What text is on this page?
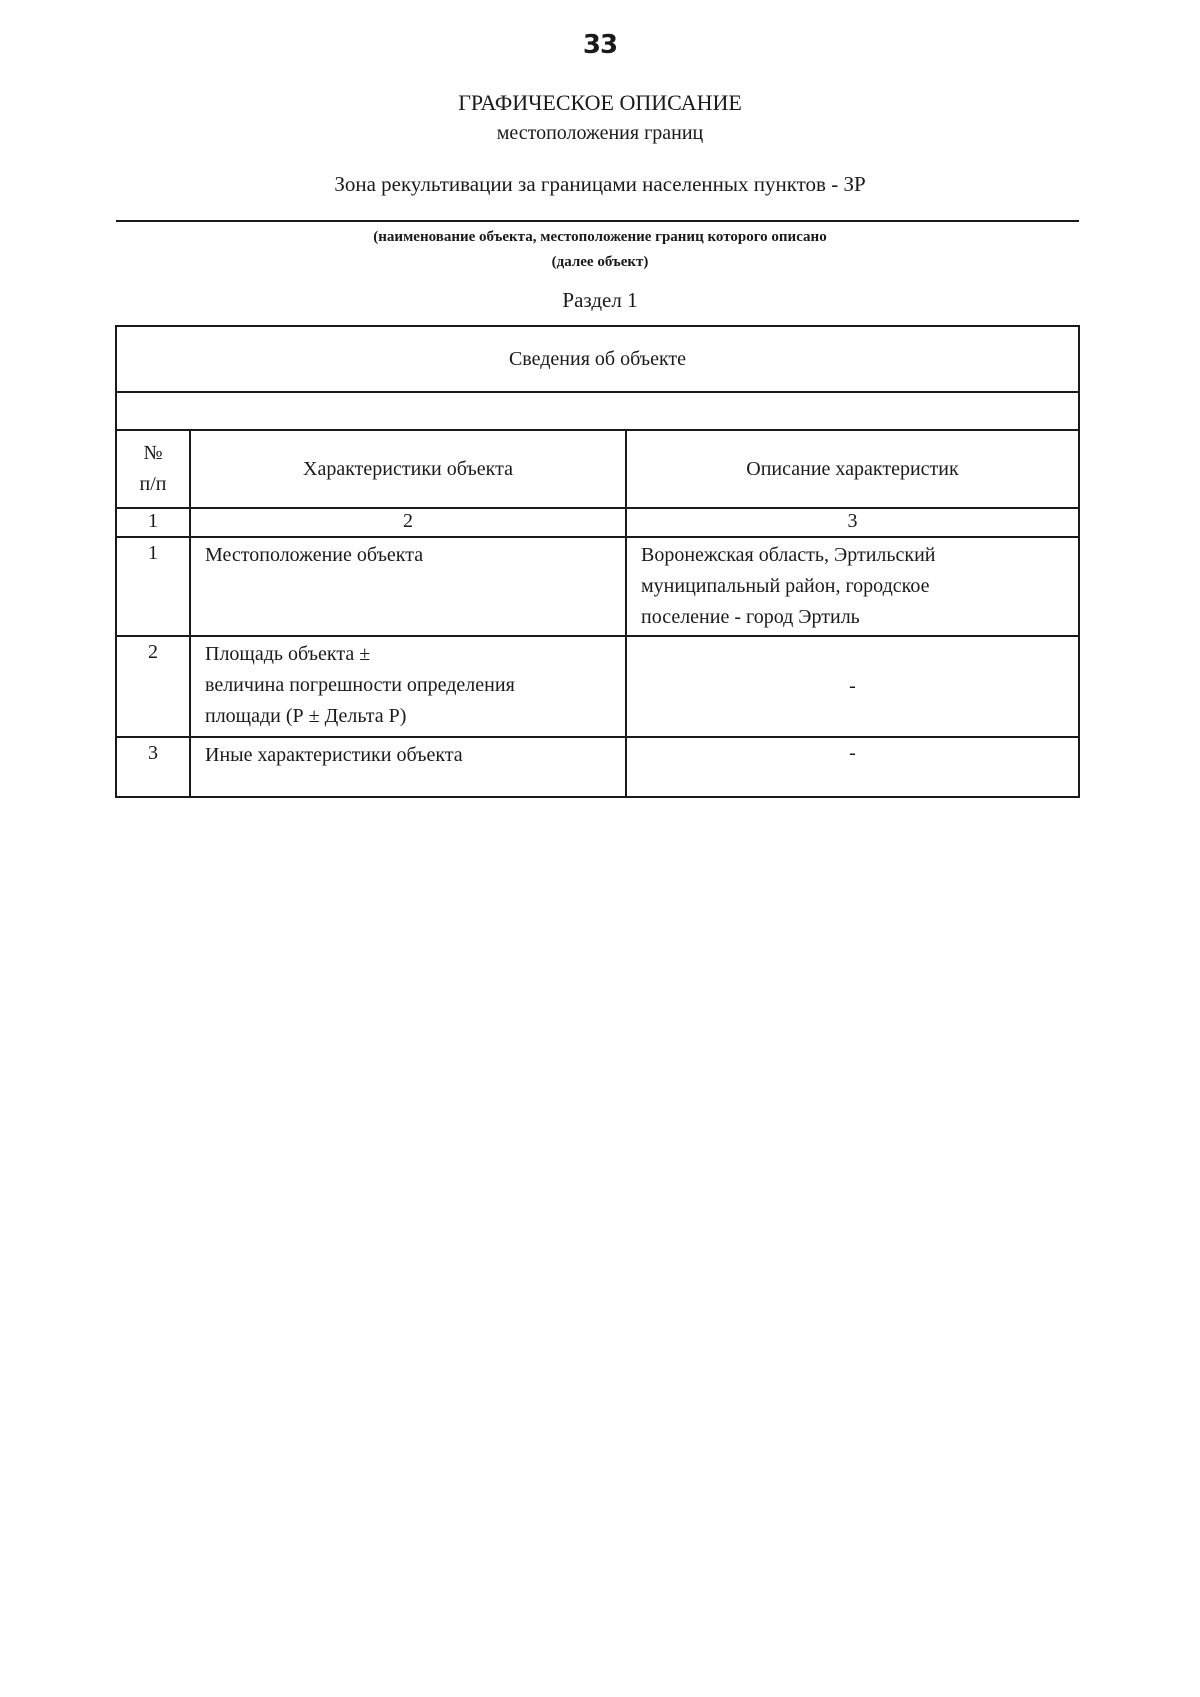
33
ГРАФИЧЕСКОЕ ОПИСАНИЕ
местоположения границ
Зона рекультивации за границами населенных пунктов - ЗР
(наименование объекта, местоположение границ которого описано
(далее объект)
Раздел 1
Сведения об объекте		

№
п/п	Характеристики объекта	Описание характеристик
1	2	3
1	Местоположение объекта	Воронежская область, Эртильский
муниципальный район, городское
поселение - город Эртиль

2	Площадь объекта ±
величина погрешности определения
площади (Р ± Дельта Р)	-

3	Иные характеристики объекта	-
